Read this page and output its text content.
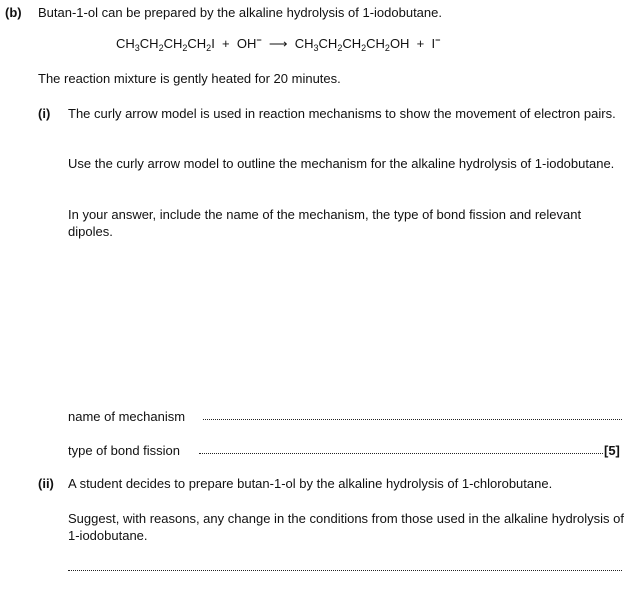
(b) Butan-1-ol can be prepared by the alkaline hydrolysis of 1-iodobutane.
$CH_3CH_2CH_2CH_2I + OH^-$ ⟶ $CH_3CH_2CH_2CH_2OH + I^-$
The reaction mixture is gently heated for 20 minutes.
(i) The curly arrow model is used in reaction mechanisms to show the movement of electron pairs.
Use the curly arrow model to outline the mechanism for the alkaline hydrolysis of 1-iodobutane.
In your answer, include the name of the mechanism, the type of bond fission and relevant dipoles.
name of mechanism
type of bond fission	[5]
(ii) A student decides to prepare butan-1-ol by the alkaline hydrolysis of 1-chlorobutane.
Suggest, with reasons, any change in the conditions from those used in the alkaline hydrolysis of 1-iodobutane.
